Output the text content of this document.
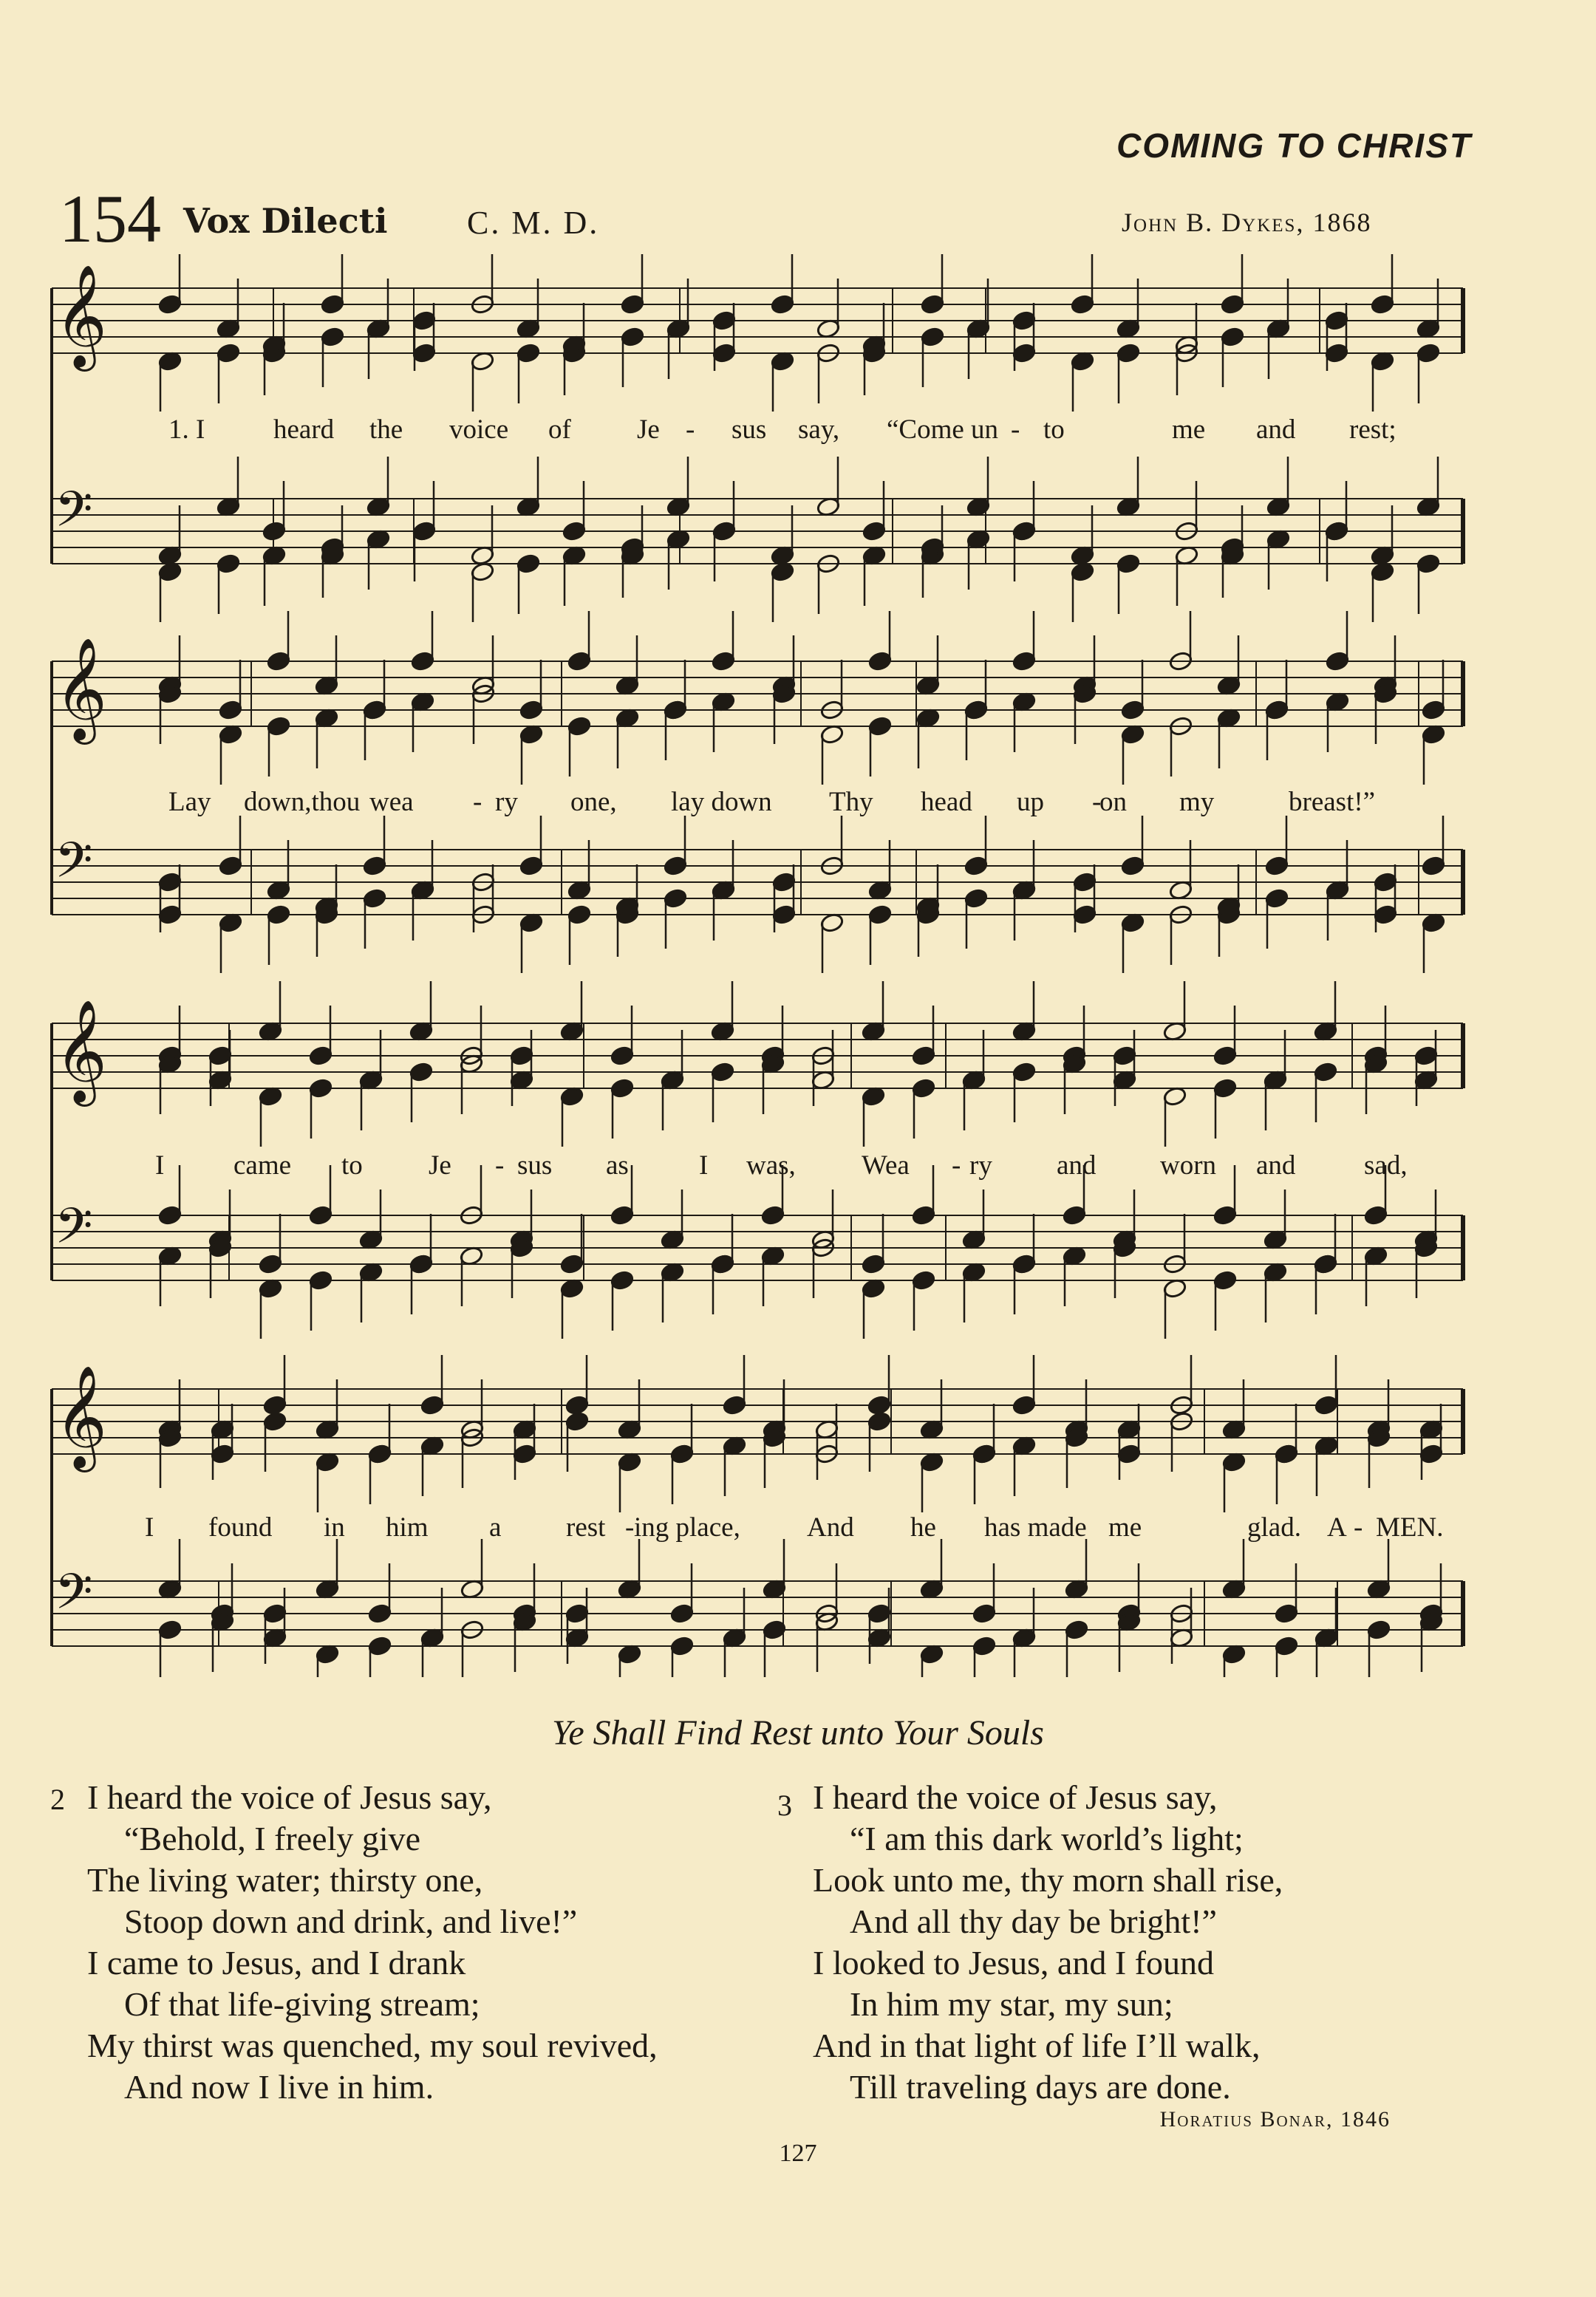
COMING TO CHRIST
154 Vox Dilecti C. M. D.	John B. Dykes, 1868
𝄞
𝄢
𝄞
𝄢
𝄞
𝄢
𝄞
𝄢
1. I	heard the voice of Je - sus say, “Come un - to	me and rest;
Lay down,thou wea - ry one, lay down Thy head up -
on my	breast!”
I	came to Je - sus as	I was, Wea - ry and worn and	sad,
I found in him a rest - ing place, And he has made me	glad. A - MEN.
Ye Shall Find Rest unto Your Souls
2 I heard the voice of Jesus say,
“Behold, I freely give
The living water; thirsty one,
Stoop down and drink, and live!”
I came to Jesus, and I drank
Of that life-giving stream;
My thirst was quenched, my soul revived,
And now I live in him.
3 I heard the voice of Jesus say,
“I am this dark world’s light;
Look unto me, thy morn shall rise,
And all thy day be bright!”
I looked to Jesus, and I found
In him my star, my sun;
And in that light of life I’ll walk,
Till traveling days are done.
Horatius Bonar, 1846
127
